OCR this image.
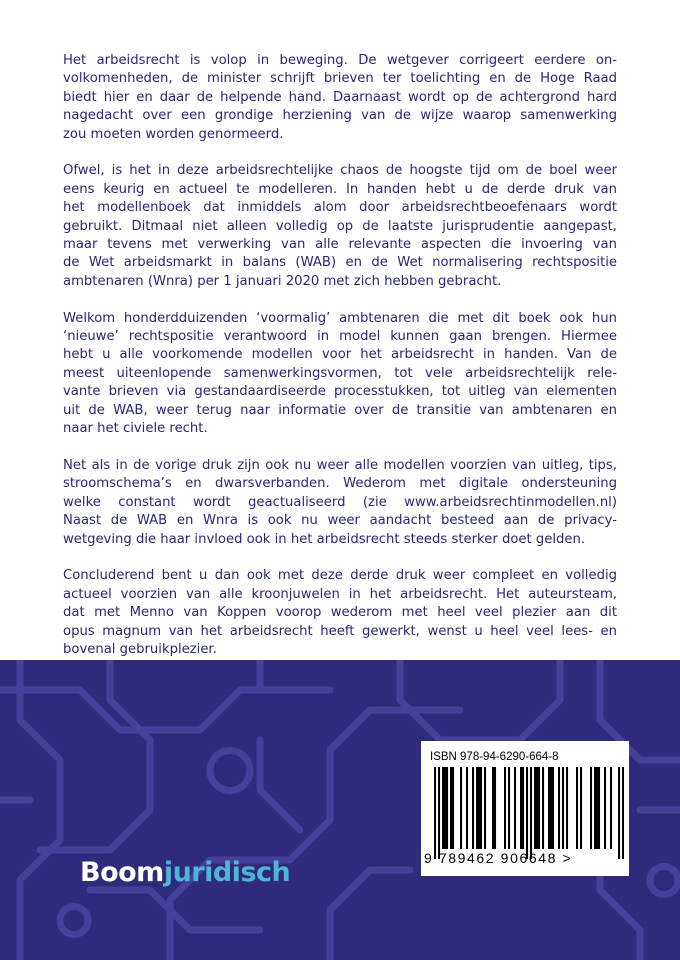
Het arbeidsrecht is volop in beweging. De wetgever corrigeert eerdere on-
volkomenheden, de minister schrijft brieven ter toelichting en de Hoge Raad
biedt hier en daar de helpende hand. Daarnaast wordt op de achtergrond hard
nagedacht over een grondige herziening van de wijze waarop samenwerking
zou moeten worden genormeerd.

Ofwel, is het in deze arbeidsrechtelijke chaos de hoogste tijd om de boel weer
eens keurig en actueel te modelleren. In handen hebt u de derde druk van
het modellenboek dat inmiddels alom door arbeidsrechtbeoefenaars wordt
gebruikt. Ditmaal niet alleen volledig op de laatste jurisprudentie aangepast,
maar tevens met verwerking van alle relevante aspecten die invoering van
de Wet arbeidsmarkt in balans (WAB) en de Wet normalisering rechtspositie
ambtenaren (Wnra) per 1 januari 2020 met zich hebben gebracht.

Welkom honderdduizenden ‘voormalig’ ambtenaren die met dit boek ook hun
‘nieuwe’ rechtspositie verantwoord in model kunnen gaan brengen. Hiermee
hebt u alle voorkomende modellen voor het arbeidsrecht in handen. Van de
meest uiteenlopende samenwerkingsvormen, tot vele arbeidsrechtelijk rele-
vante brieven via gestandaardiseerde processtukken, tot uitleg van elementen
uit de WAB, weer terug naar informatie over de transitie van ambtenaren en
naar het civiele recht.

Net als in de vorige druk zijn ook nu weer alle modellen voorzien van uitleg, tips,
stroomschema’s en dwarsverbanden. Wederom met digitale ondersteuning
welke constant wordt geactualiseerd (zie www.arbeidsrechtinmodellen.nl)
Naast de WAB en Wnra is ook nu weer aandacht besteed aan de privacy-
wetgeving die haar invloed ook in het arbeidsrecht steeds sterker doet gelden.

Concluderend bent u dan ook met deze derde druk weer compleet en volledig
actueel voorzien van alle kroonjuwelen in het arbeidsrecht. Het auteursteam,
dat met Menno van Koppen voorop wederom met heel veel plezier aan dit
opus magnum van het arbeidsrecht heeft gewerkt, wenst u heel veel lees- en
bovenal gebruikplezier.

Boomjuridisch
ISBN 978-94-6290-664-8
9 789462 906648 >
